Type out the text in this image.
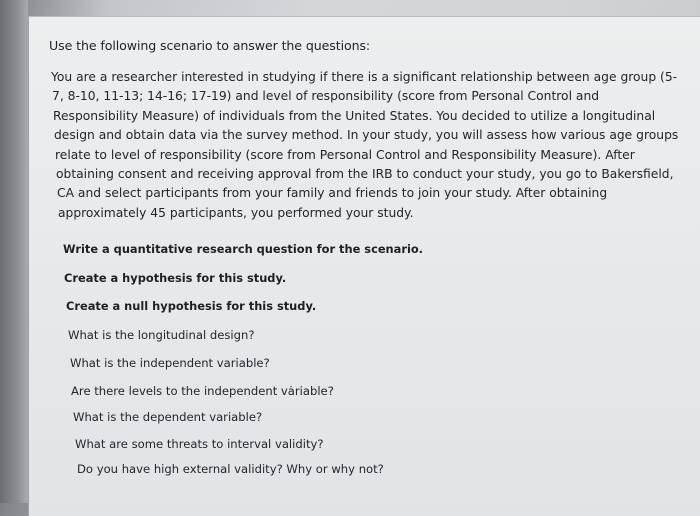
Use the following scenario to answer the questions:
You are a researcher interested in studying if there is a significant relationship between age group (5-
7, 8-10, 11-13; 14-16; 17-19) and level of responsibility (score from Personal Control and
Responsibility Measure) of individuals from the United States. You decided to utilize a longitudinal
design and obtain data via the survey method. In your study, you will assess how various age groups
relate to level of responsibility (score from Personal Control and Responsibility Measure). After
obtaining consent and receiving approval from the IRB to conduct your study, you go to Bakersfield,
CA and select participants from your family and friends to join your study. After obtaining
approximately 45 participants, you performed your study.
Write a quantitative research question for the scenario.
Create a hypothesis for this study.
Create a null hypothesis for this study.
What is the longitudinal design?
What is the independent variable?
Are there levels to the independent vȧriable?
What is the dependent variable?
What are some threats to interval validity?
Do you have high external validity? Why or why not?
